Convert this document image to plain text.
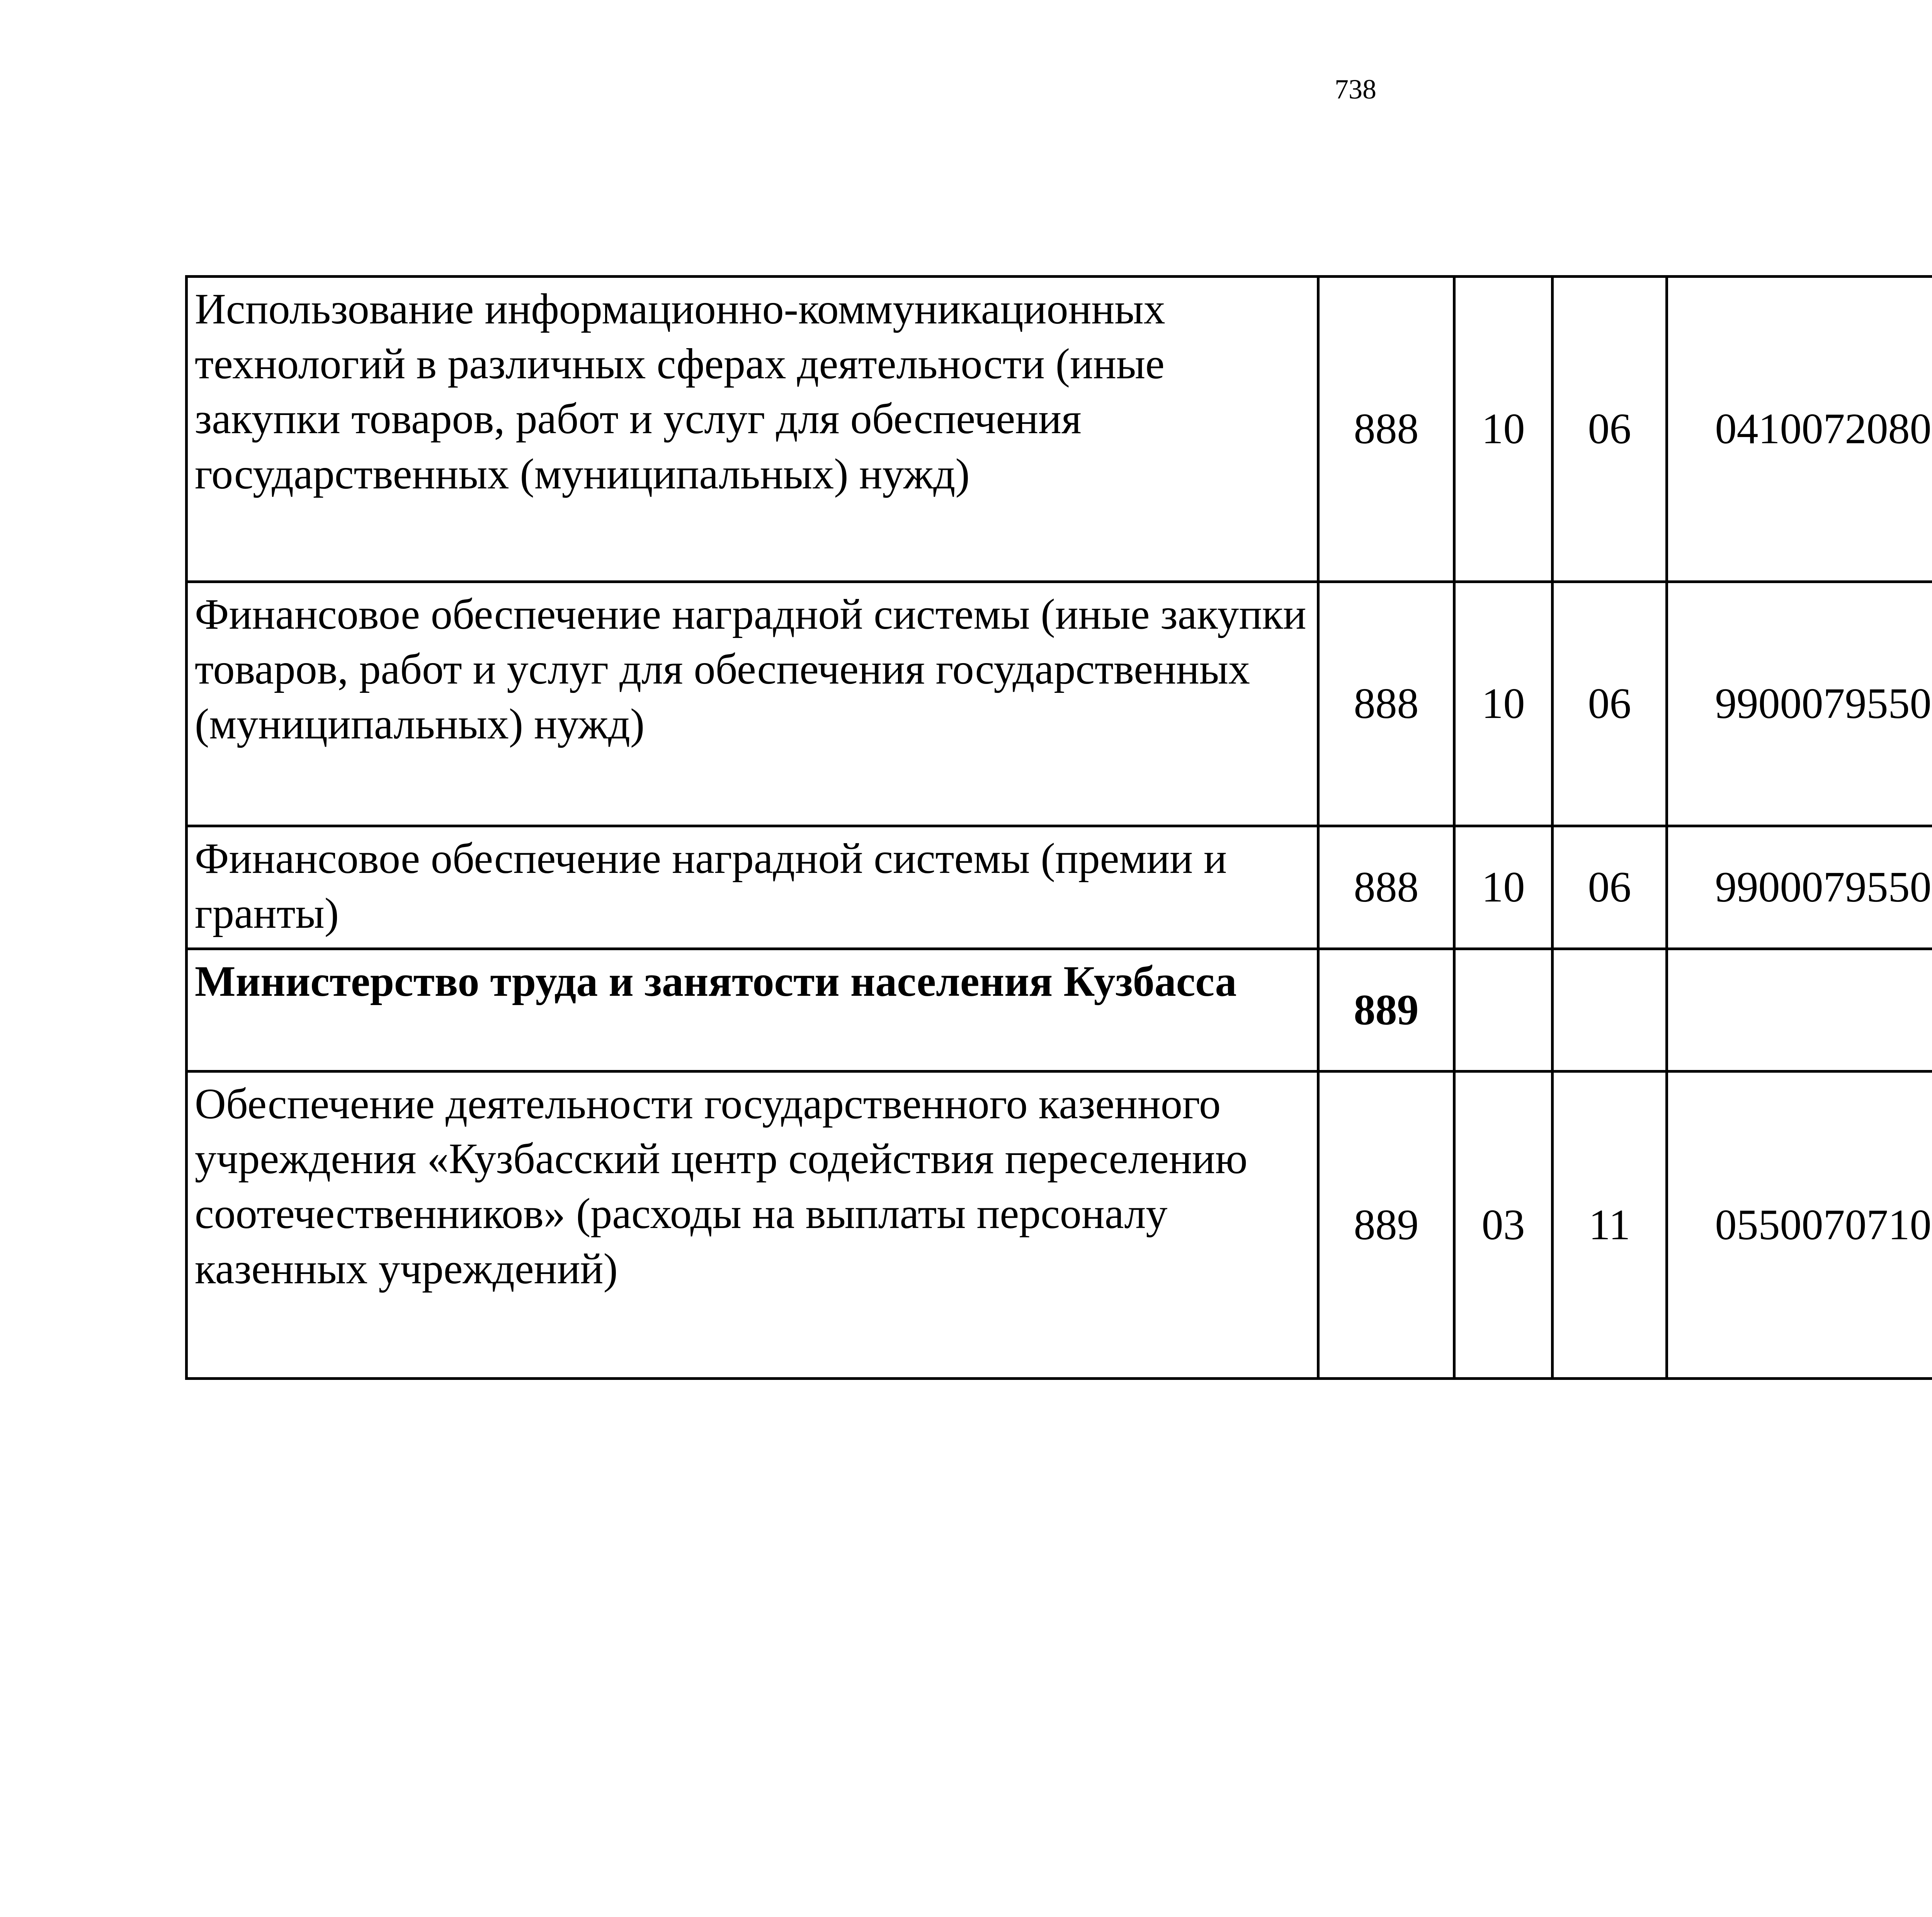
738
Использование информационно-коммуникационных технологий в различных сферах деятельности (иные закупки товаров, работ и услуг для обеспечения государственных (муниципальных) нужд)	888	10	06	0410072080		
Финансовое обеспечение наградной системы (иные закупки товаров, работ и услуг для обеспечения государственных (муниципальных) нужд)	888	10	06	9900079550		
Финансовое обеспечение наградной системы (премии и гранты)	888	10	06	9900079550		
Министерство труда и занятости населения Кузбасса	889					
Обеспечение деятельности государственного казенного учреждения «Кузбасский центр содействия переселению соотечественников» (расходы на выплаты персоналу казенных учреждений)	889	03	11	0550070710		
